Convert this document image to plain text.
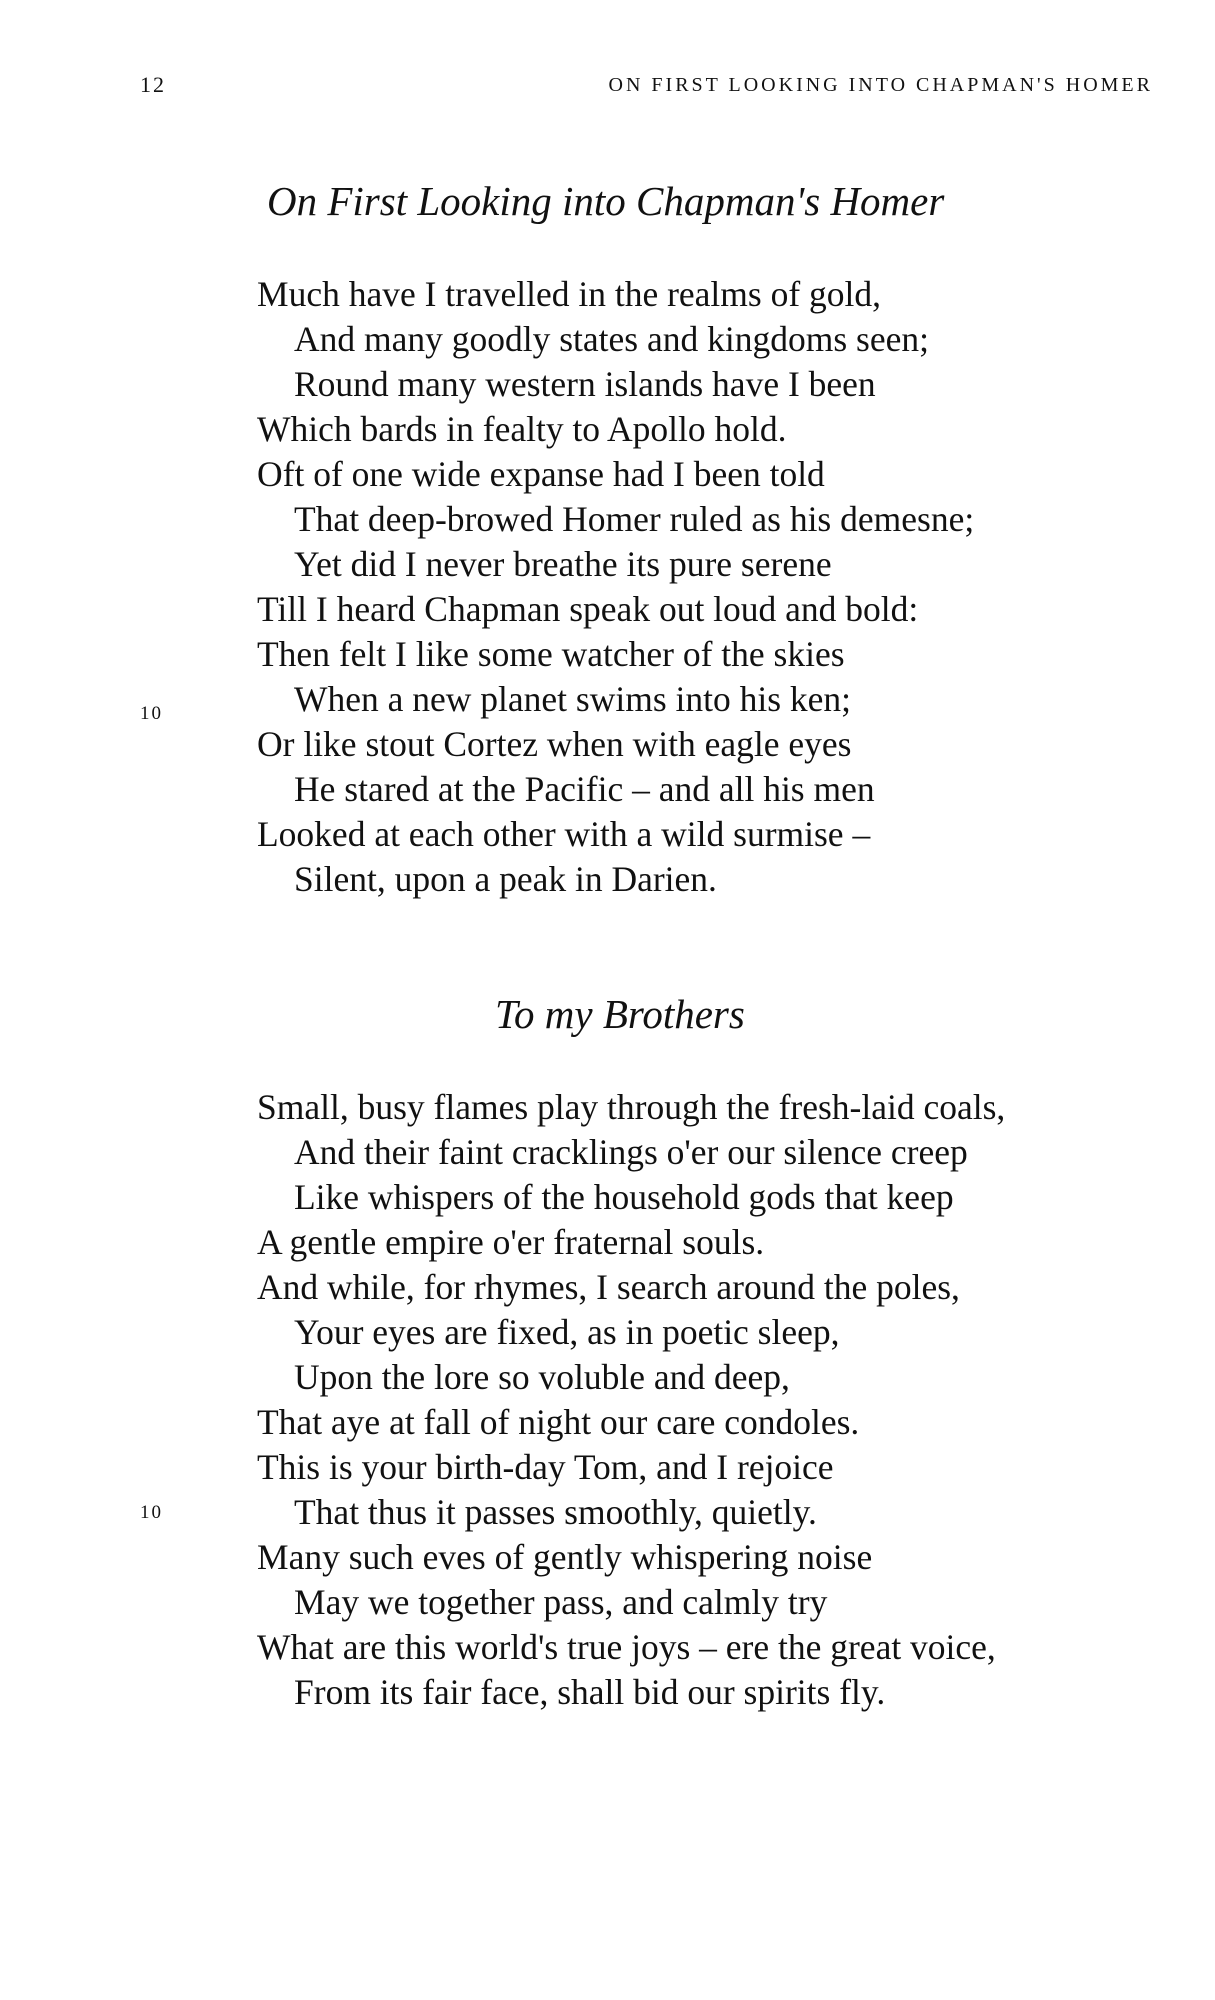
12	ON FIRST LOOKING INTO CHAPMAN'S HOMER
On First Looking into Chapman's Homer
10
Much have I travelled in the realms of gold,
And many goodly states and kingdoms seen;
Round many western islands have I been
Which bards in fealty to Apollo hold.
Oft of one wide expanse had I been told
That deep-browed Homer ruled as his demesne;
Yet did I never breathe its pure serene
Till I heard Chapman speak out loud and bold:
Then felt I like some watcher of the skies
When a new planet swims into his ken;
Or like stout Cortez when with eagle eyes
He stared at the Pacific – and all his men
Looked at each other with a wild surmise –
Silent, upon a peak in Darien.
To my Brothers
10
Small, busy flames play through the fresh-laid coals,
And their faint cracklings o'er our silence creep
Like whispers of the household gods that keep
A gentle empire o'er fraternal souls.
And while, for rhymes, I search around the poles,
Your eyes are fixed, as in poetic sleep,
Upon the lore so voluble and deep,
That aye at fall of night our care condoles.
This is your birth-day Tom, and I rejoice
That thus it passes smoothly, quietly.
Many such eves of gently whispering noise
May we together pass, and calmly try
What are this world's true joys – ere the great voice,
From its fair face, shall bid our spirits fly.
